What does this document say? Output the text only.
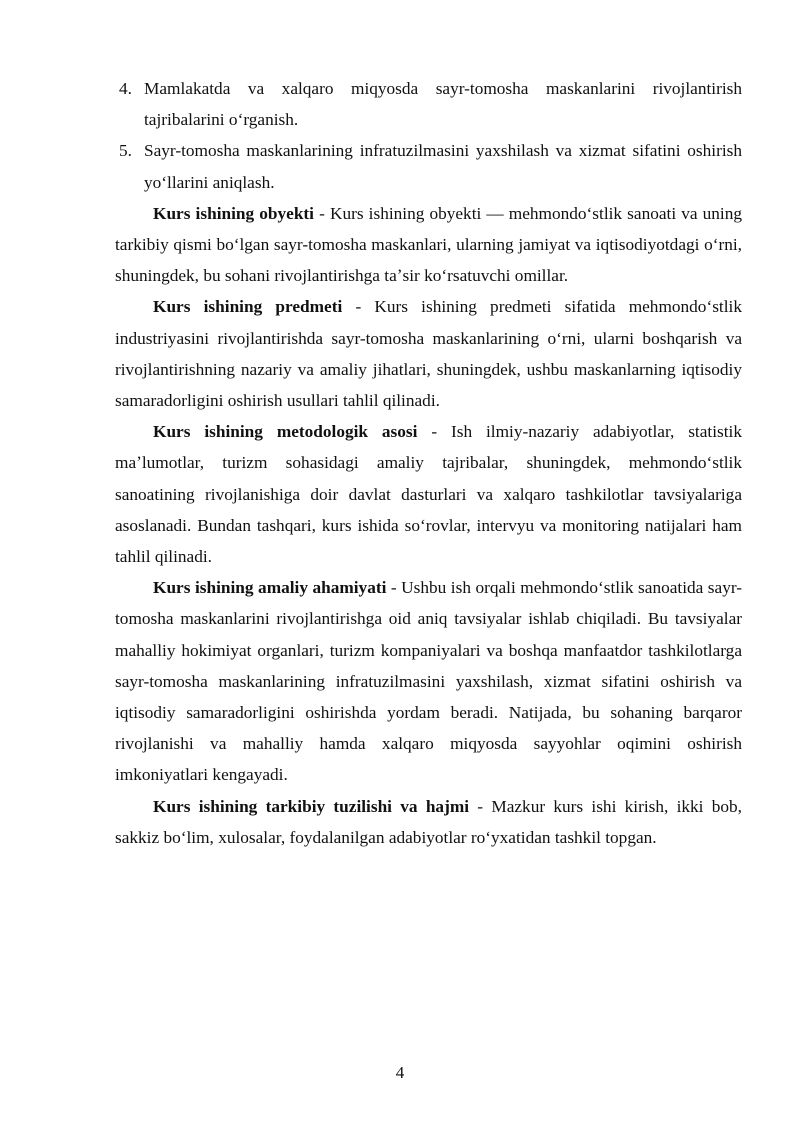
4. Mamlakatda va xalqaro miqyosda sayr-tomosha maskanlarini rivojlantirish tajribalarini oʻrganish.
5. Sayr-tomosha maskanlarining infratuzilmasini yaxshilash va xizmat sifatini oshirish yoʻllarini aniqlash.

Kurs ishining obyekti - Kurs ishining obyekti — mehmondoʻstlik sanoati va uning tarkibiy qismi boʻlgan sayr-tomosha maskanlari, ularning jamiyat va iqtisodiyotdagi oʻrni, shuningdek, bu sohani rivojlantirishga taʼsir koʻrsatuvchi omillar.

Kurs ishining predmeti - Kurs ishining predmeti sifatida mehmondoʻstlik industriyasini rivojlantirishda sayr-tomosha maskanlarining oʻrni, ularni boshqarish va rivojlantirishning nazariy va amaliy jihatlari, shuningdek, ushbu maskanlarning iqtisodiy samaradorligini oshirish usullari tahlil qilinadi.

Kurs ishining metodologik asosi - Ish ilmiy-nazariy adabiyotlar, statistik maʼlumotlar, turizm sohasidagi amaliy tajribalar, shuningdek, mehmondoʻstlik sanoatining rivojlanishiga doir davlat dasturlari va xalqaro tashkilotlar tavsiyalariga asoslanadi. Bundan tashqari, kurs ishida soʻrovlar, intervyu va monitoring natijalari ham tahlil qilinadi.

Kurs ishining amaliy ahamiyati - Ushbu ish orqali mehmondoʻstlik sanoatida sayr-tomosha maskanlarini rivojlantirishga oid aniq tavsiyalar ishlab chiqiladi. Bu tavsiyalar mahalliy hokimiyat organlari, turizm kompaniyalari va boshqa manfaatdor tashkilotlarga sayr-tomosha maskanlarining infratuzilmasini yaxshilash, xizmat sifatini oshirish va iqtisodiy samaradorligini oshirishda yordam beradi. Natijada, bu sohaning barqaror rivojlanishi va mahalliy hamda xalqaro miqyosda sayyohlar oqimini oshirish imkoniyatlari kengayadi.

Kurs ishining tarkibiy tuzilishi va hajmi - Mazkur kurs ishi kirish, ikki bob, sakkiz boʻlim, xulosalar, foydalanilgan adabiyotlar roʻyxatidan tashkil topgan.

4
